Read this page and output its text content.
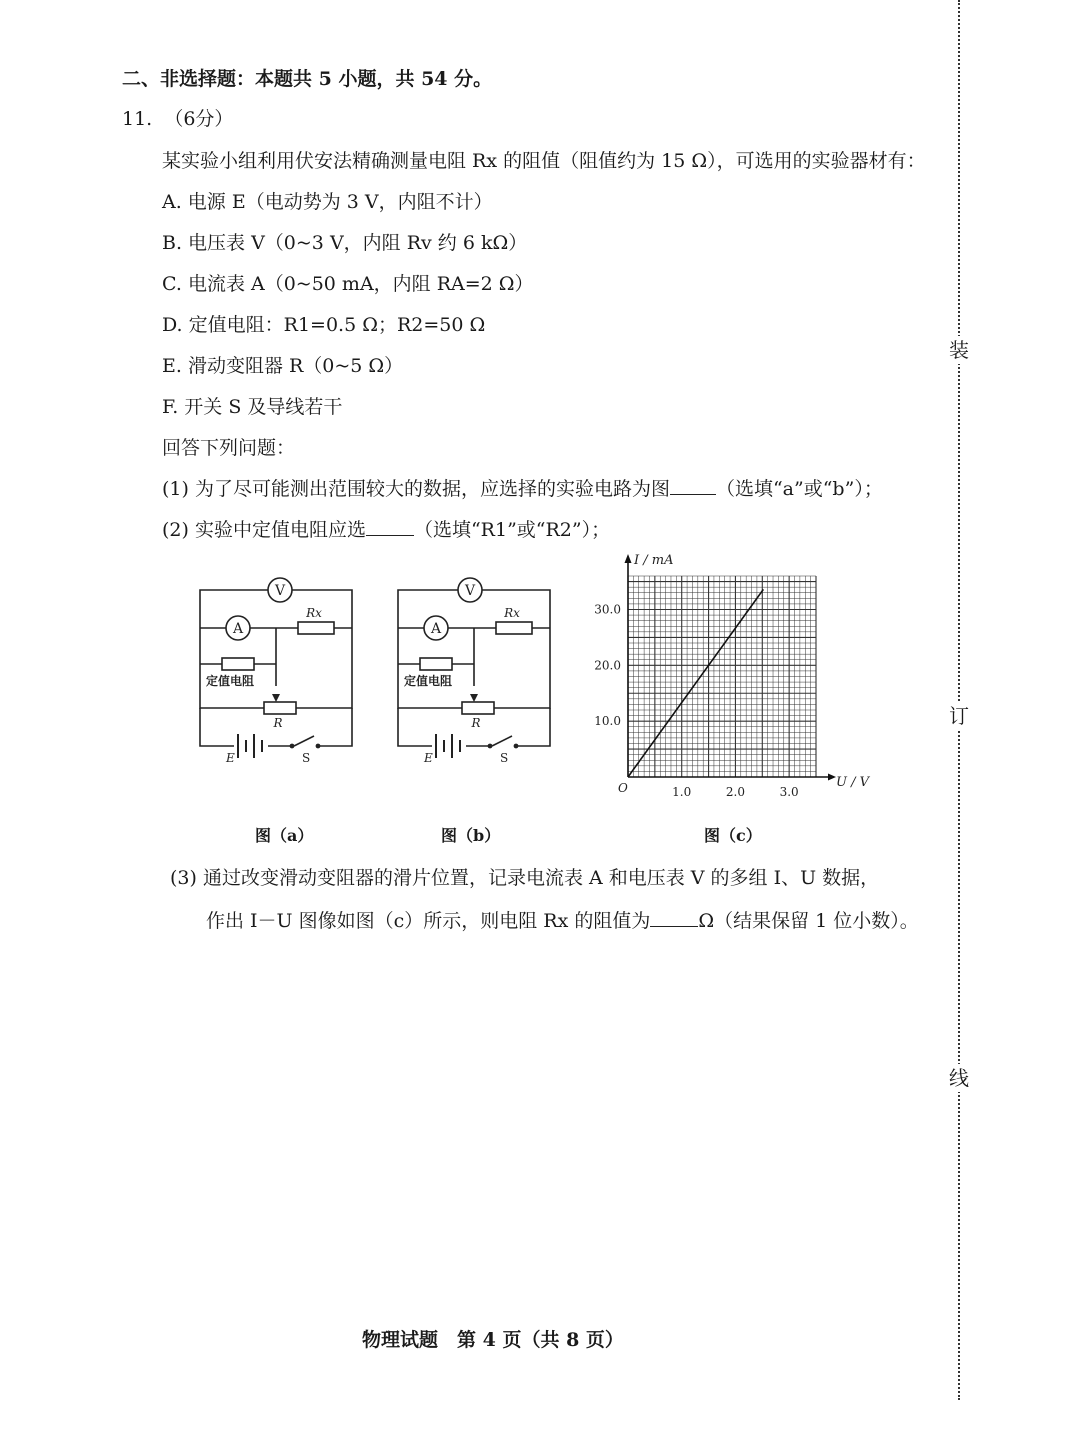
装
订
线
二、非选择题：本题共 5 小题，共 54 分。
11. （6分）
某实验小组利用伏安法精确测量电阻 Rx 的阻值（阻值约为 15 Ω），可选用的实验器材有：
A. 电源 E（电动势为 3 V，内阻不计）
B. 电压表 V（0~3 V，内阻 Rv 约 6 kΩ）
C. 电流表 A（0~50 mA，内阻 RA=2 Ω）
D. 定值电阻：R1=0.5 Ω；R2=50 Ω
E. 滑动变阻器 R（0~5 Ω）
F. 开关 S 及导线若干
回答下列问题：
(1) 为了尽可能测出范围较大的数据，应选择的实验电路为图 （选填“a”或“b”）；
(2) 实验中定值电阻应选	（选填“R1”或“R2”）；
V
A
Rx
定值电阻
R
E	S
V
A
Rx
定值电阻
R
E	S
1.0	2.0	3.0
10.0
20.0
30.0
I / mA
U / V
O
图（a）	图（b）	图（c）
(3) 通过改变滑动变阻器的滑片位置，记录电流表 A 和电压表 V 的多组 I、U 数据，
作出 I－U 图像如图（c）所示，则电阻 Rx 的阻值为	Ω（结果保留 1 位小数）。
物理试题　第 4 页（共 8 页）
